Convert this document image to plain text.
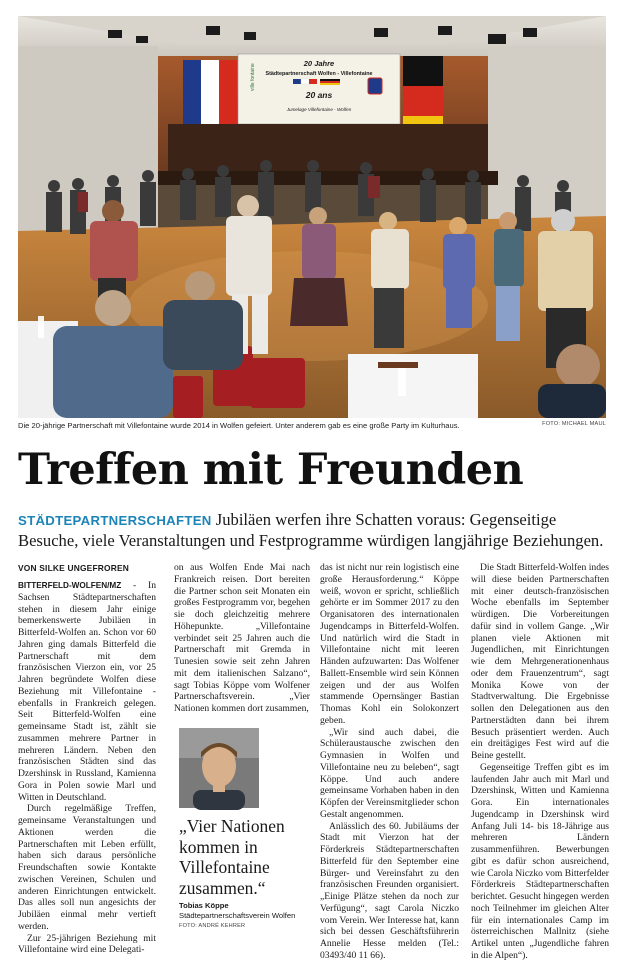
20 Jahre
Städtepartnerschaft Wolfen - Villefontaine
20 ans
Jumelage Villefontaine - Wolfen
ville fontaine
Die 20-jährige Partnerschaft mit Villefontaine wurde 2014 in Wolfen gefeiert. Unter anderem gab es eine große Party im Kulturhaus.	FOTO: MICHAEL MAUL
Treffen mit Freunden
STÄDTEPARTNERSCHAFTEN Jubiläen werfen ihre Schatten voraus: Gegenseitige Besuche, viele Veranstaltungen und Festprogramme würdigen langjährige Beziehungen.
VON SILKE UNGEFROREN

BITTERFELD-WOLFEN/MZ - In Sachsen Städtepartnerschaften stehen in diesem Jahr einige bemerkenswerte Jubiläen in Bitterfeld-Wolfen an. Schon vor 60 Jahren ging damals Bitterfeld die Partnerschaft mit dem französischen Vierzon ein, vor 25 Jahren begründete Wolfen diese Beziehung mit Villefontaine - ebenfalls in Frankreich gelegen. Seit Bitterfeld-Wolfen eine gemeinsame Stadt ist, zählt sie zusammen mehrere Partner in mehreren Ländern. Neben den französischen Städten sind das Dzershinsk in Russland, Kamienna Gora in Polen sowie Marl und Witten in Deutschland.

Durch regelmäßige Treffen, gemeinsame Veranstaltungen und Aktionen werden die Partnerschaften mit Leben erfüllt, haben sich daraus persönliche Freundschaften sowie Kontakte zwischen Vereinen, Schulen und anderen Einrichtungen entwickelt. Das alles soll nun angesichts der Jubiläen einmal mehr vertieft werden.

Zur 25-jährigen Beziehung mit Villefontaine wird eine Delegati-

on aus Wolfen Ende Mai nach Frankreich reisen. Dort bereiten die Partner schon seit Monaten ein großes Festprogramm vor, begehen sie doch gleichzeitig mehrere Höhepunkte. „Villefontaine verbindet seit 25 Jahren auch die Partnerschaft mit Gremda in Tunesien sowie seit zehn Jahren mit dem italienischen Salzano“, sagt Tobias Köppe vom Wolfener Partnerschaftsverein. „Vier Nationen kommen dort zusammen,

„Vier Nationen kommen in Villefontaine zusammen.“
Tobias Köppe
Städtepartnerschaftsverein Wolfen
FOTO: ANDRÉ KEHRER

das ist nicht nur rein logistisch eine große Herausforderung.“ Köppe weiß, wovon er spricht, schließlich gehörte er im Sommer 2017 zu den Organisatoren des internationalen Jugendcamps in Bitterfeld-Wolfen. Und natürlich wird die Stadt in Villefontaine nicht mit leeren Händen aufzuwarten: Das Wolfener Ballett-Ensemble wird sein Können zeigen und der aus Wolfen stammende Opernsänger Bastian Thomas Kohl ein Solokonzert geben.

„Wir sind auch dabei, die Schüleraustausche zwischen den Gymnasien in Wolfen und Villefontaine neu zu beleben“, sagt Köppe. Und auch andere gemeinsame Vorhaben haben in den Köpfen der Vereinsmitglieder schon Gestalt angenommen.

Anlässlich des 60. Jubiläums der Stadt mit Vierzon hat der Förderkreis Städtepartnerschaften Bitterfeld für den September eine Bürger- und Vereinsfahrt zu den französischen Freunden organisiert. „Einige Plätze stehen da noch zur Verfügung“, sagt Carola Niczko vom Verein. Wer Interesse hat, kann sich bei dessen Geschäftsführerin Annelie Hesse melden (Tel.: 03493/40 11 66).

Die Stadt Bitterfeld-Wolfen indes will diese beiden Partnerschaften mit einer deutsch-französischen Woche ebenfalls im September würdigen. Die Vorbereitungen dafür sind in vollem Gange. „Wir planen viele Aktionen mit Jugendlichen, mit Einrichtungen wie dem Mehrgenerationenhaus oder dem Frauenzentrum“, sagt Monika Kowe von der Stadtverwaltung. Die Ergebnisse sollen den Delegationen aus den Partnerstädten dann bei ihrem Besuch präsentiert werden. Auch ein dreitägiges Fest wird auf die Beine gestellt.

Gegenseitige Treffen gibt es im laufenden Jahr auch mit Marl und Dzershinsk, Witten und Kamienna Gora. Ein internationales Jugendcamp in Dzershinsk wird Anfang Juli 14- bis 18-Jährige aus mehreren Ländern zusammenführen. Bewerbungen gibt es dafür schon ausreichend, wie Carola Niczko vom Bitterfelder Förderkreis Städtepartnerschaften berichtet. Gesucht hingegen werden noch Teilnehmer im gleichen Alter für ein internationales Camp im österreichischen Mallnitz (siehe Artikel unten „Jugendliche fahren in die Alpen“).
